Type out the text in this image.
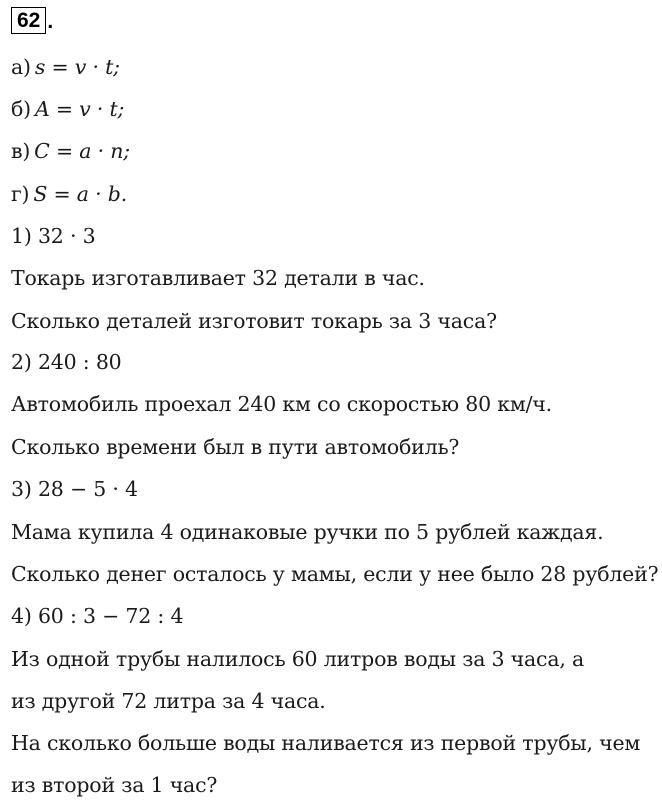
62 .
а) s = v · t;
б) A = v · t;
в) C = a · n;
г) S = a · b.
1) 32 · 3
Токарь изготавливает 32 детали в час.
Сколько деталей изготовит токарь за 3 часа?
2) 240 : 80
Автомобиль проехал 240 км со скоростью 80 км/ч.
Сколько времени был в пути автомобиль?
3) 28 − 5 · 4
Мама купила 4 одинаковые ручки по 5 рублей каждая.
Сколько денег осталось у мамы, если у нее было 28 рублей?
4) 60 : 3 − 72 : 4
Из одной трубы налилось 60 литров воды за 3 часа, а
из другой 72 литра за 4 часа.
На сколько больше воды наливается из первой трубы, чем
из второй за 1 час?
